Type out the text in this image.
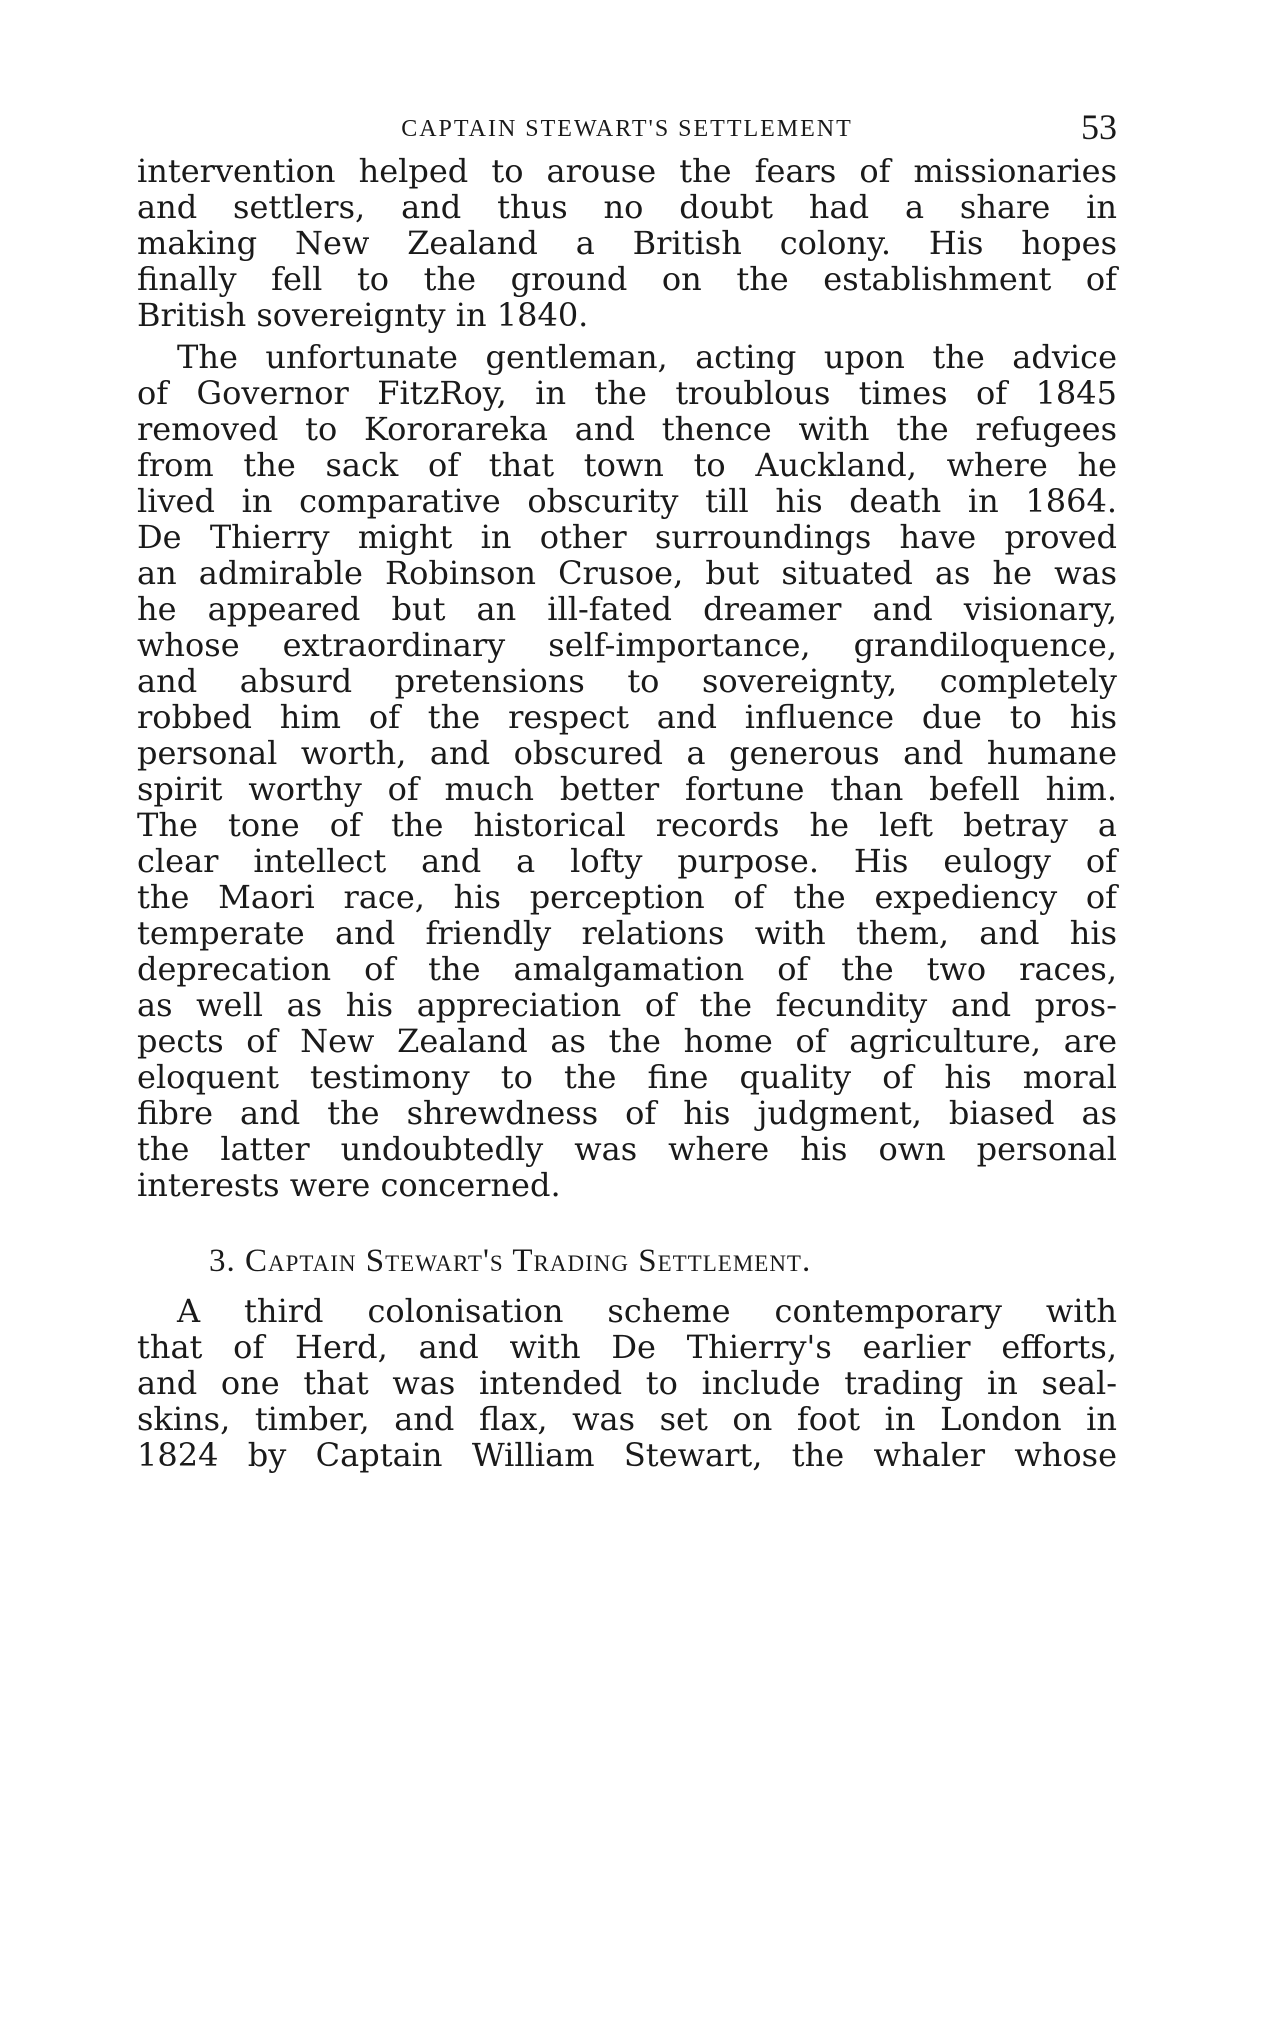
CAPTAIN STEWART'S SETTLEMENT	53
intervention helped to arouse the fears of missionaries
and settlers, and thus no doubt had a share in
making New Zealand a British colony. His hopes
finally fell to the ground on the establishment of
British sovereignty in 1840.
The unfortunate gentleman, acting upon the advice
of Governor FitzRoy, in the troublous times of 1845
removed to Kororareka and thence with the refugees
from the sack of that town to Auckland, where he
lived in comparative obscurity till his death in 1864.
De Thierry might in other surroundings have proved
an admirable Robinson Crusoe, but situated as he was
he appeared but an ill-fated dreamer and visionary,
whose extraordinary self-importance, grandiloquence,
and absurd pretensions to sovereignty, completely
robbed him of the respect and influence due to his
personal worth, and obscured a generous and humane
spirit worthy of much better fortune than befell him.
The tone of the historical records he left betray a
clear intellect and a lofty purpose. His eulogy of
the Maori race, his perception of the expediency of
temperate and friendly relations with them, and his
deprecation of the amalgamation of the two races,
as well as his appreciation of the fecundity and pros-
pects of New Zealand as the home of agriculture, are
eloquent testimony to the fine quality of his moral
fibre and the shrewdness of his judgment, biased as
the latter undoubtedly was where his own personal
interests were concerned.
3. Captain Stewart's Trading Settlement.
A third colonisation scheme contemporary with
that of Herd, and with De Thierry's earlier efforts,
and one that was intended to include trading in seal-
skins, timber, and flax, was set on foot in London in
1824 by Captain William Stewart, the whaler whose
